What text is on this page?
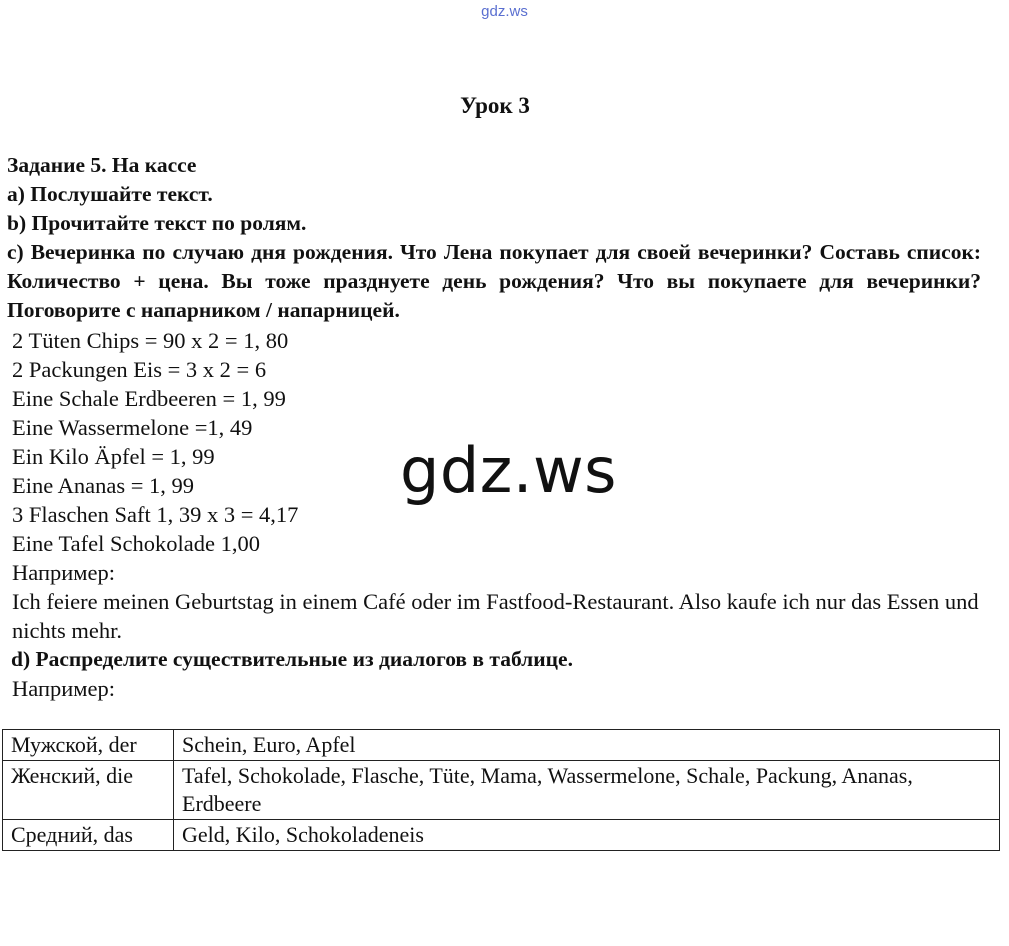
gdz.ws
Урок 3
Задание 5. На кассе
a) Послушайте текст.
b) Прочитайте текст по ролям.
c) Вечеринка по случаю дня рождения. Что Лена покупает для своей вечеринки? Составь список: Количество + цена. Вы тоже празднуете день рождения? Что вы покупаете для вечеринки? Поговорите с напарником / напарницей.
2 Tüten Chips = 90 x 2 = 1, 80
2 Packungen Eis = 3 x 2 = 6
Eine Schale Erdbeeren = 1, 99
Eine Wassermelone =1, 49
Ein Kilo Äpfel = 1, 99
Eine Ananas = 1, 99
3 Flaschen Saft 1, 39 x 3 = 4,17
Eine Tafel Schokolade 1,00
Например:
Ich feiere meinen Geburtstag in einem Café oder im Fastfood-Restaurant. Also kaufe ich nur das Essen und nichts mehr.
d) Распределите существительные из диалогов в таблице.
Например:
gdz.ws
Мужской, der	Schein, Euro, Apfel
Женский, die	Tafel, Schokolade, Flasche, Tüte, Mama, Wassermelone, Schale, Packung, Ananas, Erdbeere
Средний, das	Geld, Kilo, Schokoladeneis
